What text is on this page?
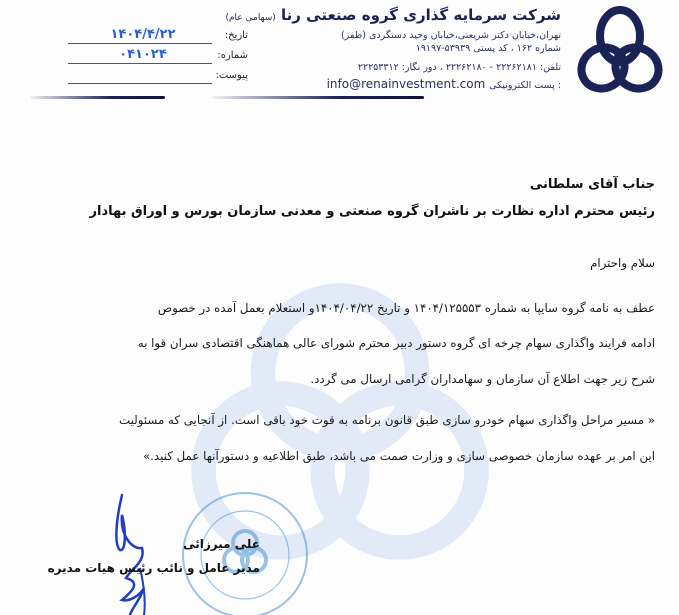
شرکت سرمایه گذاری گروه صنعتی رنا (سهامی عام)
تهران،خیابان دکتر شریعتی،خیابان وحید دستگردی (ظفر)
شماره ۱۶۲ ، کد پستی ۵۳۹۳۹-۱۹۱۹۷
تلفن: ۲۲۲۶۲۱۸۱ - ۲۲۲۶۲۱۸۰ ، دور نگار: ۲۲۲۵۳۳۱۲
info@renainvestment.com پست الکترونیکی :
تاریخ:
۱۴۰۴/۴/۲۲
شماره:
۰۴۱۰۲۴
پیوست:
جناب آقای سلطانی
رئیس محترم اداره نظارت بر ناشران گروه صنعتی و معدنی سازمان بورس و اوراق بهادار
سلام واحترام
عطف به نامه گروه سایپا به شماره ۱۴۰۴/۱۲۵۵۵۳ و تاریخ ۱۴۰۴/۰۴/۲۲و استعلام بعمل آمده در خصوص
ادامه فرایند واگذاری سهام چرخه ای گروه دستور دبیر محترم شورای عالی هماهنگی اقتصادی سران قوا به
شرح زیر جهت اطلاع آن سازمان و سهامداران گرامی ارسال می گردد.
« مسیر مراحل واگذاری سهام خودرو سازی طبق قانون برنامه به قوت خود باقی است. از آنجایی که مسئولیت
این امر بر عهده سازمان خصوصی سازی و وزارت صمت می باشد، طبق اطلاعیه و دستورآنها عمل کنید.»
علی میرزائی
مدیر عامل و نائب رئیس هیات مدیره
